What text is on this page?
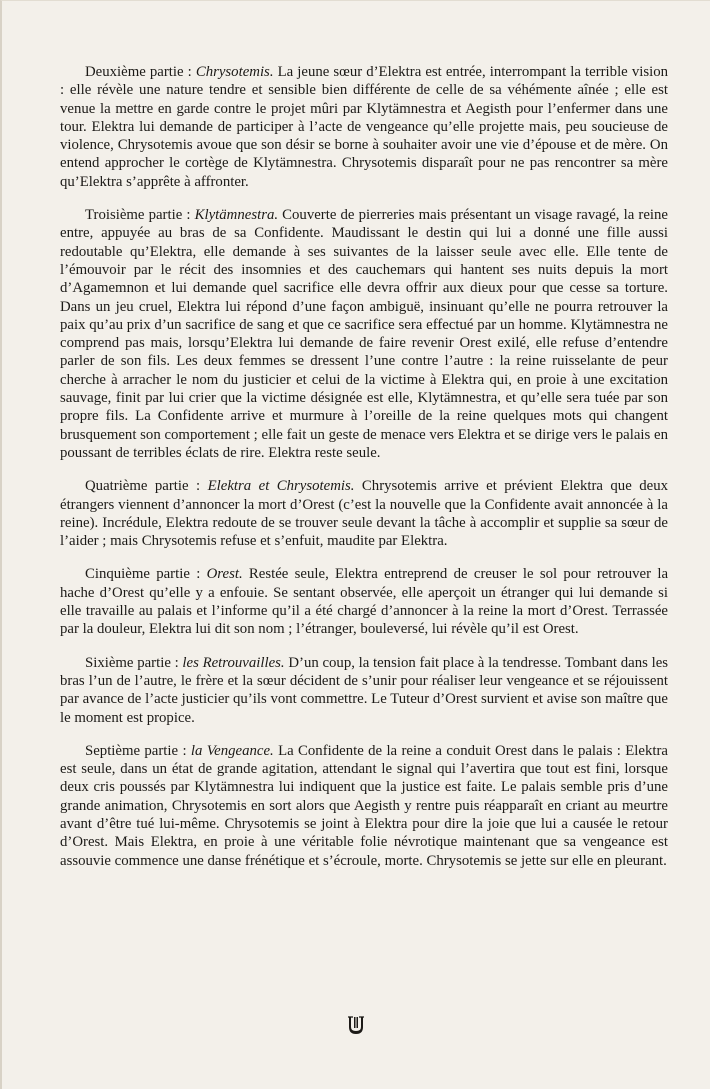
Deuxième partie : Chrysotemis. La jeune sœur d’Elektra est entrée, interrompant la terrible vision : elle révèle une nature tendre et sensible bien différente de celle de sa véhémente aînée ; elle est venue la mettre en garde contre le projet mûri par Klytämnestra et Aegisth pour l’enfermer dans une tour. Elektra lui demande de participer à l’acte de vengeance qu’elle projette mais, peu soucieuse de violence, Chrysotemis avoue que son désir se borne à souhaiter avoir une vie d’épouse et de mère. On entend approcher le cortège de Klytämnestra. Chrysotemis disparaît pour ne pas rencontrer sa mère qu’Elektra s’apprête à affronter.

Troisième partie : Klytämnestra. Couverte de pierreries mais présentant un visage ravagé, la reine entre, appuyée au bras de sa Confidente. Maudissant le destin qui lui a donné une fille aussi redoutable qu’Elektra, elle demande à ses suivantes de la laisser seule avec elle. Elle tente de l’émouvoir par le récit des insomnies et des cauchemars qui hantent ses nuits depuis la mort d’Agamemnon et lui demande quel sacrifice elle devra offrir aux dieux pour que cesse sa torture. Dans un jeu cruel, Elektra lui répond d’une façon ambiguë, insinuant qu’elle ne pourra retrouver la paix qu’au prix d’un sacrifice de sang et que ce sacrifice sera effectué par un homme. Klytämnestra ne comprend pas mais, lorsqu’Elektra lui demande de faire revenir Orest exilé, elle refuse d’entendre parler de son fils. Les deux femmes se dressent l’une contre l’autre : la reine ruisselante de peur cherche à arracher le nom du justicier et celui de la victime à Elektra qui, en proie à une excitation sauvage, finit par lui crier que la victime désignée est elle, Klytämnestra, et qu’elle sera tuée par son propre fils. La Confidente arrive et murmure à l’oreille de la reine quelques mots qui changent brusquement son comportement ; elle fait un geste de menace vers Elektra et se dirige vers le palais en poussant de terribles éclats de rire. Elektra reste seule.

Quatrième partie : Elektra et Chrysotemis. Chrysotemis arrive et prévient Elektra que deux étrangers viennent d’annoncer la mort d’Orest (c’est la nouvelle que la Confidente avait annoncée à la reine). Incrédule, Elektra redoute de se trouver seule devant la tâche à accomplir et supplie sa sœur de l’aider ; mais Chrysotemis refuse et s’enfuit, maudite par Elektra.

Cinquième partie : Orest. Restée seule, Elektra entreprend de creuser le sol pour retrouver la hache d’Orest qu’elle y a enfouie. Se sentant observée, elle aperçoit un étranger qui lui demande si elle travaille au palais et l’informe qu’il a été chargé d’annoncer à la reine la mort d’Orest. Terrassée par la douleur, Elektra lui dit son nom ; l’étranger, bouleversé, lui révèle qu’il est Orest.

Sixième partie : les Retrouvailles. D’un coup, la tension fait place à la tendresse. Tombant dans les bras l’un de l’autre, le frère et la sœur décident de s’unir pour réaliser leur vengeance et se réjouissent par avance de l’acte justicier qu’ils vont commettre. Le Tuteur d’Orest survient et avise son maître que le moment est propice.

Septième partie : la Vengeance. La Confidente de la reine a conduit Orest dans le palais : Elektra est seule, dans un état de grande agitation, attendant le signal qui l’avertira que tout est fini, lorsque deux cris poussés par Klytämnestra lui indiquent que la justice est faite. Le palais semble pris d’une grande animation, Chrysotemis en sort alors que Aegisth y rentre puis réapparaît en criant au meurtre avant d’être tué lui-même. Chrysotemis se joint à Elektra pour dire la joie que lui a causée le retour d’Orest. Mais Elektra, en proie à une véritable folie névrotique maintenant que sa vengeance est assouvie commence une danse frénétique et s’écroule, morte. Chrysotemis se jette sur elle en pleurant.
